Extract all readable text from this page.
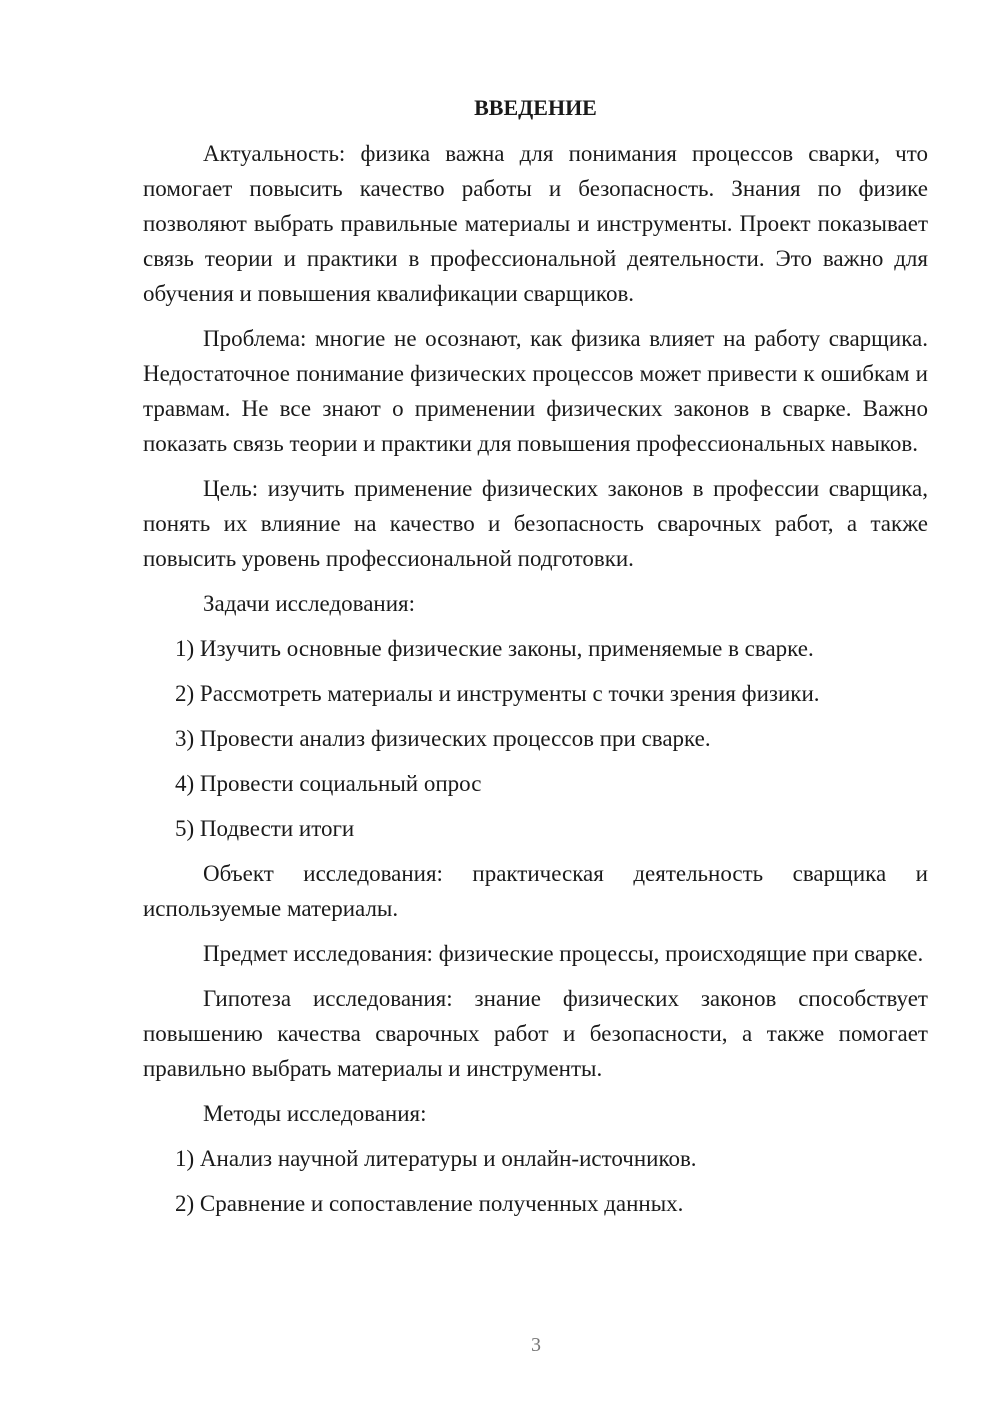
ВВЕДЕНИЕ

Актуальность: физика важна для понимания процессов сварки, что помогает повысить качество работы и безопасность. Знания по физике позволяют выбрать правильные материалы и инструменты. Проект показывает связь теории и практики в профессиональной деятельности. Это важно для обучения и повышения квалификации сварщиков.

Проблема: многие не осознают, как физика влияет на работу сварщика. Недостаточное понимание физических процессов может привести к ошибкам и травмам. Не все знают о применении физических законов в сварке. Важно показать связь теории и практики для повышения профессиональных навыков.

Цель: изучить применение физических законов в профессии сварщика, понять их влияние на качество и безопасность сварочных работ, а также повысить уровень профессиональной подготовки.

Задачи исследования:

1) Изучить основные физические законы, применяемые в сварке.

2) Рассмотреть материалы и инструменты с точки зрения физики.

3) Провести анализ физических процессов при сварке.

4) Провести социальный опрос

5) Подвести итоги

Объект исследования: практическая деятельность сварщика и используемые материалы.

Предмет исследования: физические процессы, происходящие при сварке.

Гипотеза исследования: знание физических законов способствует повышению качества сварочных работ и безопасности, а также помогает правильно выбрать материалы и инструменты.

Методы исследования:

1) Анализ научной литературы и онлайн-источников.

2) Сравнение и сопоставление полученных данных.

3
